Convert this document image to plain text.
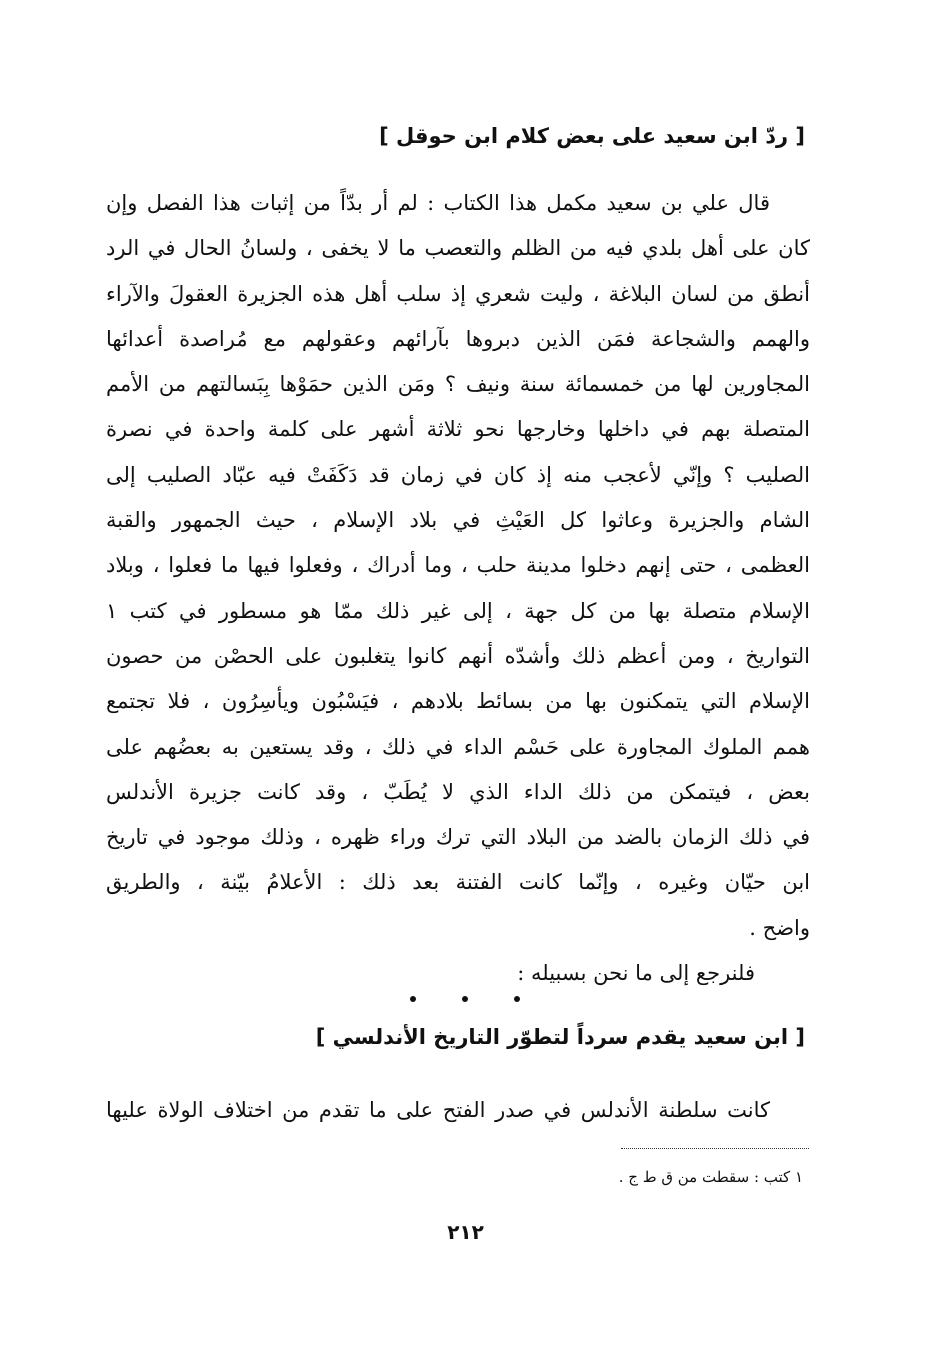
[ ردّ ابن سعيد على بعض كلام ابن حوقل ]
قال علي بن سعيد مكمل هذا الكتاب : لم أر بدّاً من إثبات هذا الفصل وإن
كان على أهل بلدي فيه من الظلم والتعصب ما لا يخفى ، ولسانُ الحال في الرد
أنطق من لسان البلاغة ، وليت شعري إذ سلب أهل هذه الجزيرة العقولَ والآراء
والهمم والشجاعة فمَن الذين دبروها بآرائهم وعقولهم مع مُراصدة أعدائها
المجاورين لها من خمسمائة سنة ونيف ؟ ومَن الذين حمَوْها بِبَسالتهم من الأمم
المتصلة بهم في داخلها وخارجها نحو ثلاثة أشهر على كلمة واحدة في نصرة
الصليب ؟ وإنّي لأعجب منه إذ كان في زمان قد دَكَفَتْ فيه عبّاد الصليب إلى
الشام والجزيرة وعاثوا كل العَيْثِ في بلاد الإسلام ، حيث الجمهور والقبة
العظمى ، حتى إنهم دخلوا مدينة حلب ، وما أدراك ، وفعلوا فيها ما فعلوا ، وبلاد
الإسلام متصلة بها من كل جهة ، إلى غير ذلك ممّا هو مسطور في كتب ١
التواريخ ، ومن أعظم ذلك وأشدّه أنهم كانوا يتغلبون على الحصْن من حصون
الإسلام التي يتمكنون بها من بسائط بلادهم ، فيَسْبُون ويأسِرُون ، فلا تجتمع
همم الملوك المجاورة على حَسْم الداء في ذلك ، وقد يستعين به بعضُهم على
بعض ، فيتمكن من ذلك الداء الذي لا يُطَبّ ، وقد كانت جزيرة الأندلس
في ذلك الزمان بالضد من البلاد التي ترك وراء ظهره ، وذلك موجود في تاريخ
ابن حيّان وغيره ، وإنّما كانت الفتنة بعد ذلك : الأعلامُ بيّنة ، والطريق
واضح .
فلنرجع إلى ما نحن بسبيله :
[ ابن سعيد يقدم سرداً لتطوّر التاريخ الأندلسي ]
كانت سلطنة الأندلس في صدر الفتح على ما تقدم من اختلاف الولاة عليها
١ كتب : سقطت من ق ط ج .
٢١٢
